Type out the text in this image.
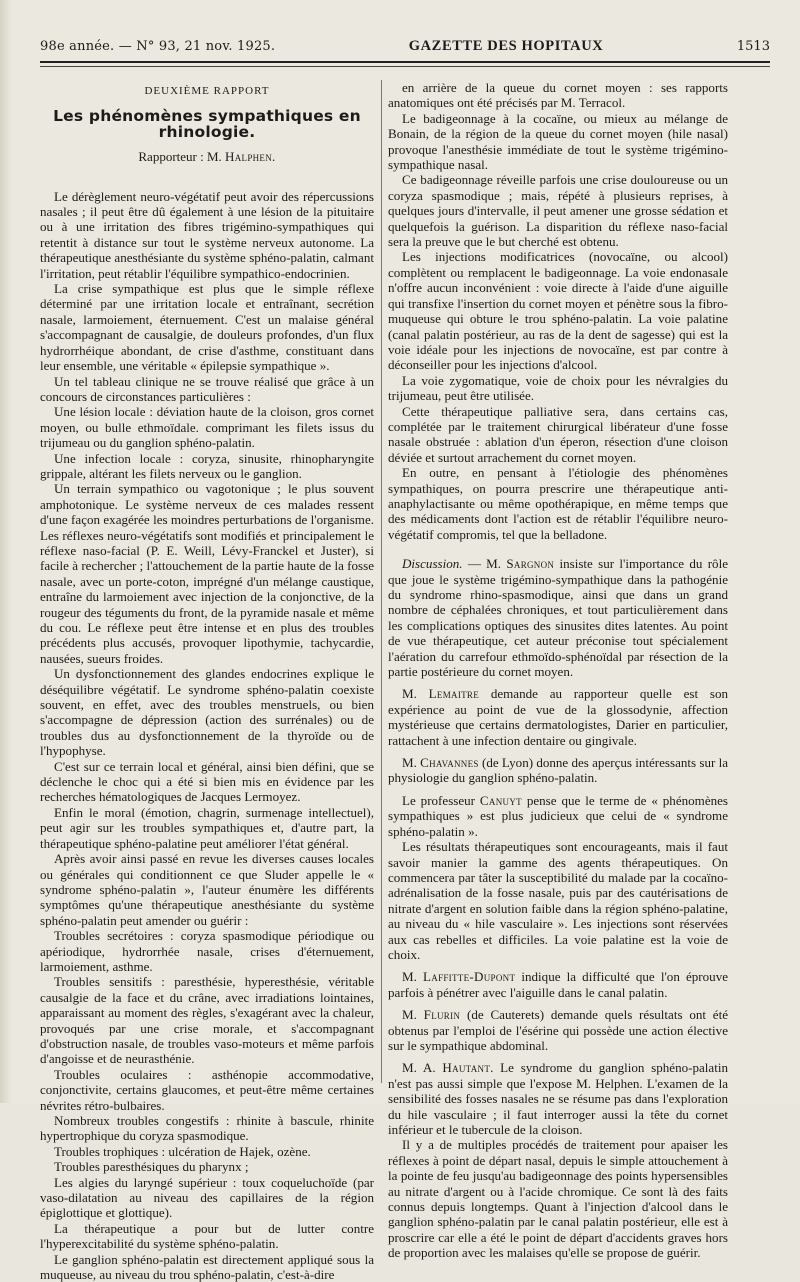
98e année. — N° 93, 21 nov. 1925.	GAZETTE DES HOPITAUX	1513
DEUXIÈME RAPPORT
Les phénomènes sympathiques en rhinologie.
Rapporteur : M. Halphen.

Le dérèglement neuro-végétatif peut avoir des répercussions nasales ; il peut être dû également à une lésion de la pituitaire ou à une irritation des fibres trigémino-sympathiques qui retentit à distance sur tout le système nerveux autonome. La thérapeutique anesthésiante du système sphéno-palatin, calmant l'irritation, peut rétablir l'équilibre sympathico-endocrinien.

La crise sympathique est plus que le simple réflexe déterminé par une irritation locale et entraînant, secrétion nasale, larmoiement, éternuement. C'est un malaise général s'accompagnant de causalgie, de douleurs profondes, d'un flux hydrorrhéique abondant, de crise d'asthme, constituant dans leur ensemble, une véritable « épilepsie sympathique ».

Un tel tableau clinique ne se trouve réalisé que grâce à un concours de circonstances particulières :

Une lésion locale : déviation haute de la cloison, gros cornet moyen, ou bulle ethmoïdale. comprimant les filets issus du trijumeau ou du ganglion sphéno-palatin.

Une infection locale : coryza, sinusite, rhinopharyngite grippale, altérant les filets nerveux ou le ganglion.

Un terrain sympathico ou vagotonique ; le plus souvent amphotonique. Le système nerveux de ces malades ressent d'une façon exagérée les moindres perturbations de l'organisme. Les réflexes neuro-végétatifs sont modifiés et principalement le réflexe naso-facial (P. E. Weill, Lévy-Franckel et Juster), si facile à rechercher ; l'attouchement de la partie haute de la fosse nasale, avec un porte-coton, imprégné d'un mélange caustique, entraîne du larmoiement avec injection de la conjonctive, de la rougeur des téguments du front, de la pyramide nasale et même du cou. Le réflexe peut être intense et en plus des troubles précédents plus accusés, provoquer lipothymie, tachycardie, nausées, sueurs froides.

Un dysfonctionnement des glandes endocrines explique le déséquilibre végétatif. Le syndrome sphéno-palatin coexiste souvent, en effet, avec des troubles menstruels, ou bien s'accompagne de dépression (action des surrénales) ou de troubles dus au dysfonctionnement de la thyroïde ou de l'hypophyse.

C'est sur ce terrain local et général, ainsi bien défini, que se déclenche le choc qui a été si bien mis en évidence par les recherches hématologiques de Jacques Lermoyez.

Enfin le moral (émotion, chagrin, surmenage intellectuel), peut agir sur les troubles sympathiques et, d'autre part, la thérapeutique sphéno-palatine peut améliorer l'état général.

Après avoir ainsi passé en revue les diverses causes locales ou générales qui conditionnent ce que Sluder appelle le « syndrome sphéno-palatin », l'auteur énumère les différents symptômes qu'une thérapeutique anesthésiante du système sphéno-palatin peut amender ou guérir :

Troubles secrétoires : coryza spasmodique périodique ou apériodique, hydrorrhée nasale, crises d'éternuement, larmoiement, asthme.

Troubles sensitifs : paresthésie, hyperesthésie, véritable causalgie de la face et du crâne, avec irradiations lointaines, apparaissant au moment des règles, s'exagérant avec la chaleur, provoqués par une crise morale, et s'accompagnant d'obstruction nasale, de troubles vaso-moteurs et même parfois d'angoisse et de neurasthénie.

Troubles oculaires : asthénopie accommodative, conjonctivite, certains glaucomes, et peut-être même certaines névrites rétro-bulbaires.

Nombreux troubles congestifs : rhinite à bascule, rhinite hypertrophique du coryza spasmodique.

Troubles trophiques : ulcération de Hajek, ozène.

Troubles paresthésiques du pharynx ;

Les algies du laryngé supérieur : toux coqueluchoïde (par vaso-dilatation au niveau des capillaires de la région épiglottique et glottique).

La thérapeutique a pour but de lutter contre l'hyperexcitabilité du système sphéno-palatin.

Le ganglion sphéno-palatin est directement appliqué sous la muqueuse, au niveau du trou sphéno-palatin, c'est-à-dire

en arrière de la queue du cornet moyen : ses rapports anatomiques ont été précisés par M. Terracol.

Le badigeonnage à la cocaïne, ou mieux au mélange de Bonain, de la région de la queue du cornet moyen (hile nasal) provoque l'anesthésie immédiate de tout le système trigémino-sympathique nasal.

Ce badigeonnage réveille parfois une crise douloureuse ou un coryza spasmodique ; mais, répété à plusieurs reprises, à quelques jours d'intervalle, il peut amener une grosse sédation et quelquefois la guérison. La disparition du réflexe naso-facial sera la preuve que le but cherché est obtenu.

Les injections modificatrices (novocaïne, ou alcool) complètent ou remplacent le badigeonnage. La voie endonasale n'offre aucun inconvénient : voie directe à l'aide d'une aiguille qui transfixe l'insertion du cornet moyen et pénètre sous la fibro-muqueuse qui obture le trou sphéno-palatin. La voie palatine (canal palatin postérieur, au ras de la dent de sagesse) qui est la voie idéale pour les injections de novocaïne, est par contre à déconseiller pour les injections d'alcool.

La voie zygomatique, voie de choix pour les névralgies du trijumeau, peut être utilisée.

Cette thérapeutique palliative sera, dans certains cas, complétée par le traitement chirurgical libérateur d'une fosse nasale obstruée : ablation d'un éperon, résection d'une cloison déviée et surtout arrachement du cornet moyen.

En outre, en pensant à l'étiologie des phénomènes sympathiques, on pourra prescrire une thérapeutique anti-anaphylactisante ou même opothérapique, en même temps que des médicaments dont l'action est de rétablir l'équilibre neuro-végétatif compromis, tel que la belladone.

Discussion. — M. Sargnon insiste sur l'importance du rôle que joue le système trigémino-sympathique dans la pathogénie du syndrome rhino-spasmodique, ainsi que dans un grand nombre de céphalées chroniques, et tout particulièrement dans les complications optiques des sinusites dites latentes. Au point de vue thérapeutique, cet auteur préconise tout spécialement l'aération du carrefour ethmoïdo-sphénoïdal par résection de la partie postérieure du cornet moyen.

M. Lemaitre demande au rapporteur quelle est son expérience au point de vue de la glossodynie, affection mystérieuse que certains dermatologistes, Darier en particulier, rattachent à une infection dentaire ou gingivale.

M. Chavannes (de Lyon) donne des aperçus intéressants sur la physiologie du ganglion sphéno-palatin.

Le professeur Canuyt pense que le terme de « phénomènes sympathiques » est plus judicieux que celui de « syndrome sphéno-palatin ».

Les résultats thérapeutiques sont encourageants, mais il faut savoir manier la gamme des agents thérapeutiques. On commencera par tâter la susceptibilité du malade par la cocaïno-adrénalisation de la fosse nasale, puis par des cautérisations de nitrate d'argent en solution faible dans la région sphéno-palatine, au niveau du « hile vasculaire ». Les injections sont réservées aux cas rebelles et difficiles. La voie palatine est la voie de choix.

M. Laffitte-Dupont indique la difficulté que l'on éprouve parfois à pénétrer avec l'aiguille dans le canal palatin.

M. Flurin (de Cauterets) demande quels résultats ont été obtenus par l'emploi de l'ésérine qui possède une action élective sur le sympathique abdominal.

M. A. Hautant. Le syndrome du ganglion sphéno-palatin n'est pas aussi simple que l'expose M. Helphen. L'examen de la sensibilité des fosses nasales ne se résume pas dans l'exploration du hile vasculaire ; il faut interroger aussi la tête du cornet inférieur et le tubercule de la cloison.

Il y a de multiples procédés de traitement pour apaiser les réflexes à point de départ nasal, depuis le simple attouchement à la pointe de feu jusqu'au badigeonnage des points hypersensibles au nitrate d'argent ou à l'acide chromique. Ce sont là des faits connus depuis longtemps. Quant à l'injection d'alcool dans le ganglion sphéno-palatin par le canal palatin postérieur, elle est à proscrire car elle a été le point de départ d'accidents graves hors de proportion avec les malaises qu'elle se propose de guérir.
